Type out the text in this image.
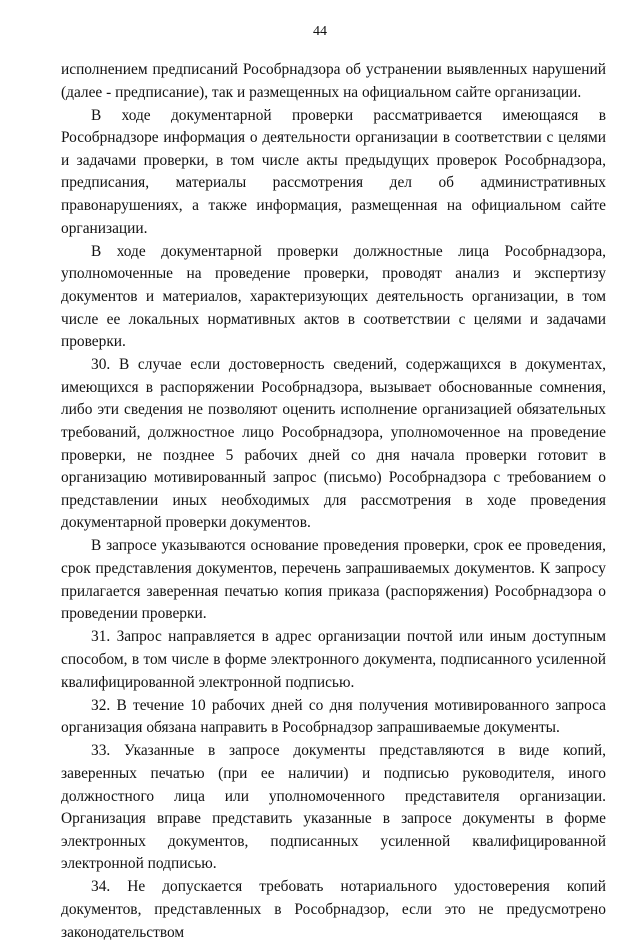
44

исполнением предписаний Рособрнадзора об устранении выявленных нарушений (далее - предписание), так и размещенных на официальном сайте организации.

В ходе документарной проверки рассматривается имеющаяся в Рособрнадзоре информация о деятельности организации в соответствии с целями и задачами проверки, в том числе акты предыдущих проверок Рособрнадзора, предписания, материалы рассмотрения дел об административных правонарушениях, а также информация, размещенная на официальном сайте организации.

В ходе документарной проверки должностные лица Рособрнадзора, уполномоченные на проведение проверки, проводят анализ и экспертизу документов и материалов, характеризующих деятельность организации, в том числе ее локальных нормативных актов в соответствии с целями и задачами проверки.

30. В случае если достоверность сведений, содержащихся в документах, имеющихся в распоряжении Рособрнадзора, вызывает обоснованные сомнения, либо эти сведения не позволяют оценить исполнение организацией обязательных требований, должностное лицо Рособрнадзора, уполномоченное на проведение проверки, не позднее 5 рабочих дней со дня начала проверки готовит в организацию мотивированный запрос (письмо) Рособрнадзора с требованием о представлении иных необходимых для рассмотрения в ходе проведения документарной проверки документов.

В запросе указываются основание проведения проверки, срок ее проведения, срок представления документов, перечень запрашиваемых документов. К запросу прилагается заверенная печатью копия приказа (распоряжения) Рособрнадзора о проведении проверки.

31. Запрос направляется в адрес организации почтой или иным доступным способом, в том числе в форме электронного документа, подписанного усиленной квалифицированной электронной подписью.

32. В течение 10 рабочих дней со дня получения мотивированного запроса организация обязана направить в Рособрнадзор запрашиваемые документы.

33. Указанные в запросе документы представляются в виде копий, заверенных печатью (при ее наличии) и подписью руководителя, иного должностного лица или уполномоченного представителя организации. Организация вправе представить указанные в запросе документы в форме электронных документов, подписанных усиленной квалифицированной электронной подписью.

34. Не допускается требовать нотариального удостоверения копий документов, представленных в Рособрнадзор, если это не предусмотрено законодательством
